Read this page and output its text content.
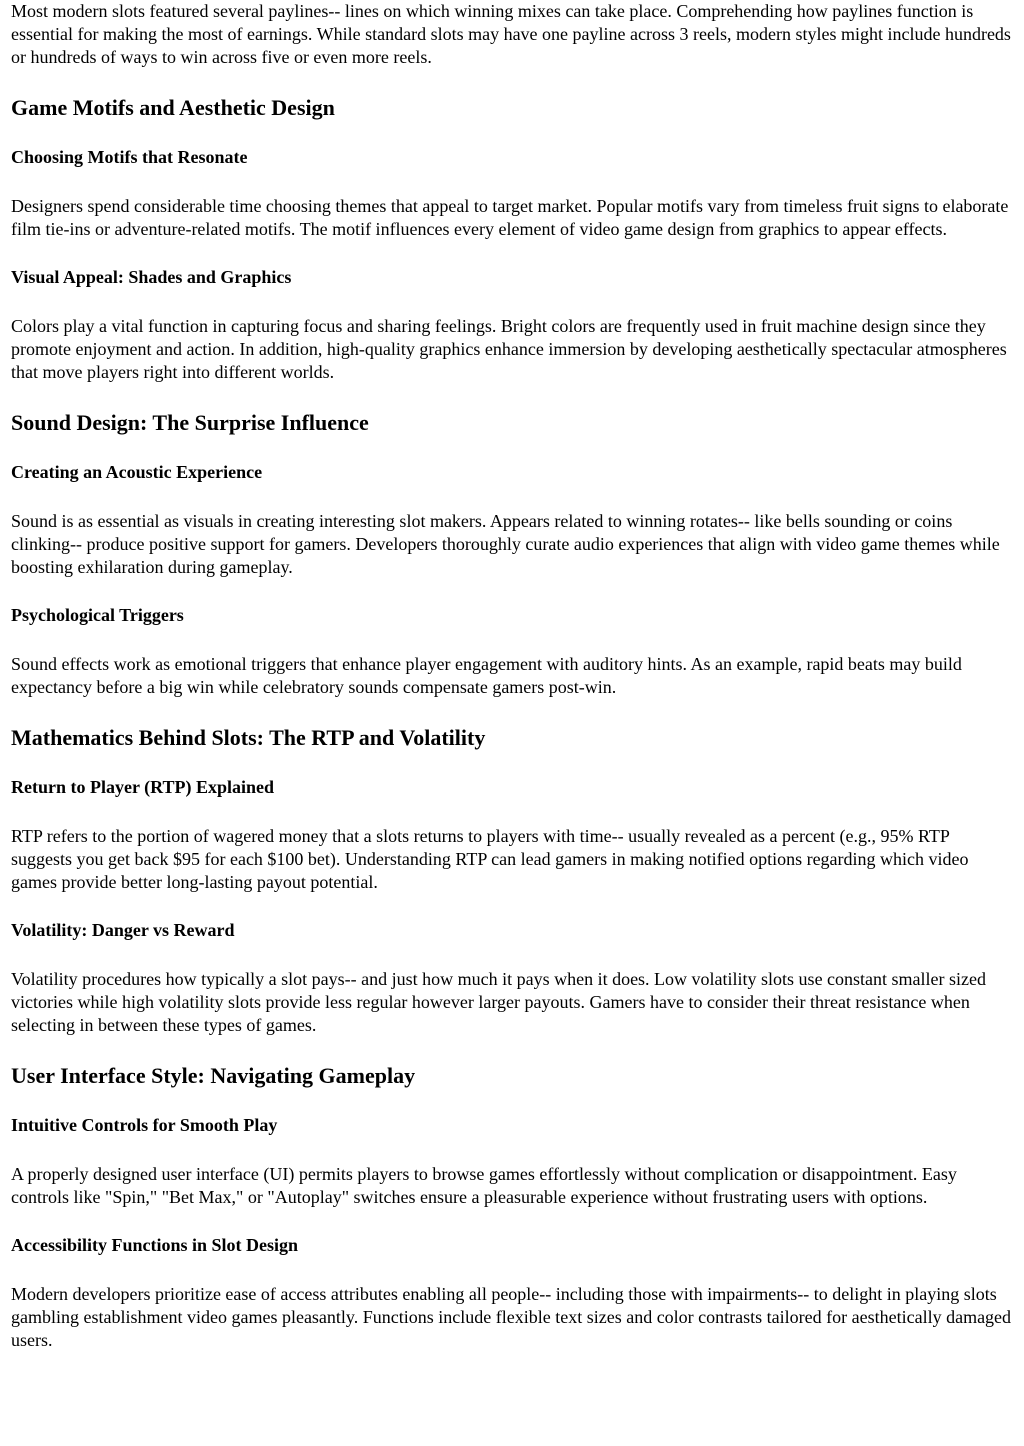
Most modern slots featured several paylines-- lines on which winning mixes can take place. Comprehending how paylines function is essential for making the most of earnings. While standard slots may have one payline across 3 reels, modern styles might include hundreds or hundreds of ways to win across five or even more reels.

Game Motifs and Aesthetic Design
Choosing Motifs that Resonate

Designers spend considerable time choosing themes that appeal to target market. Popular motifs vary from timeless fruit signs to elaborate film tie-ins or adventure-related motifs. The motif influences every element of video game design from graphics to appear effects.

Visual Appeal: Shades and Graphics

Colors play a vital function in capturing focus and sharing feelings. Bright colors are frequently used in fruit machine design since they promote enjoyment and action. In addition, high-quality graphics enhance immersion by developing aesthetically spectacular atmospheres that move players right into different worlds.

Sound Design: The Surprise Influence
Creating an Acoustic Experience

Sound is as essential as visuals in creating interesting slot makers. Appears related to winning rotates-- like bells sounding or coins clinking-- produce positive support for gamers. Developers thoroughly curate audio experiences that align with video game themes while boosting exhilaration during gameplay.

Psychological Triggers

Sound effects work as emotional triggers that enhance player engagement with auditory hints. As an example, rapid beats may build expectancy before a big win while celebratory sounds compensate gamers post-win.

Mathematics Behind Slots: The RTP and Volatility
Return to Player (RTP) Explained

RTP refers to the portion of wagered money that a slots returns to players with time-- usually revealed as a percent (e.g., 95% RTP suggests you get back $95 for each $100 bet). Understanding RTP can lead gamers in making notified options regarding which video games provide better long-lasting payout potential.

Volatility: Danger vs Reward

Volatility procedures how typically a slot pays-- and just how much it pays when it does. Low volatility slots use constant smaller sized victories while high volatility slots provide less regular however larger payouts. Gamers have to consider their threat resistance when selecting in between these types of games.

User Interface Style: Navigating Gameplay
Intuitive Controls for Smooth Play

A properly designed user interface (UI) permits players to browse games effortlessly without complication or disappointment. Easy controls like "Spin," "Bet Max," or "Autoplay" switches ensure a pleasurable experience without frustrating users with options.

Accessibility Functions in Slot Design

Modern developers prioritize ease of access attributes enabling all people-- including those with impairments-- to delight in playing slots gambling establishment video games pleasantly. Functions include flexible text sizes and color contrasts tailored for aesthetically damaged users.
